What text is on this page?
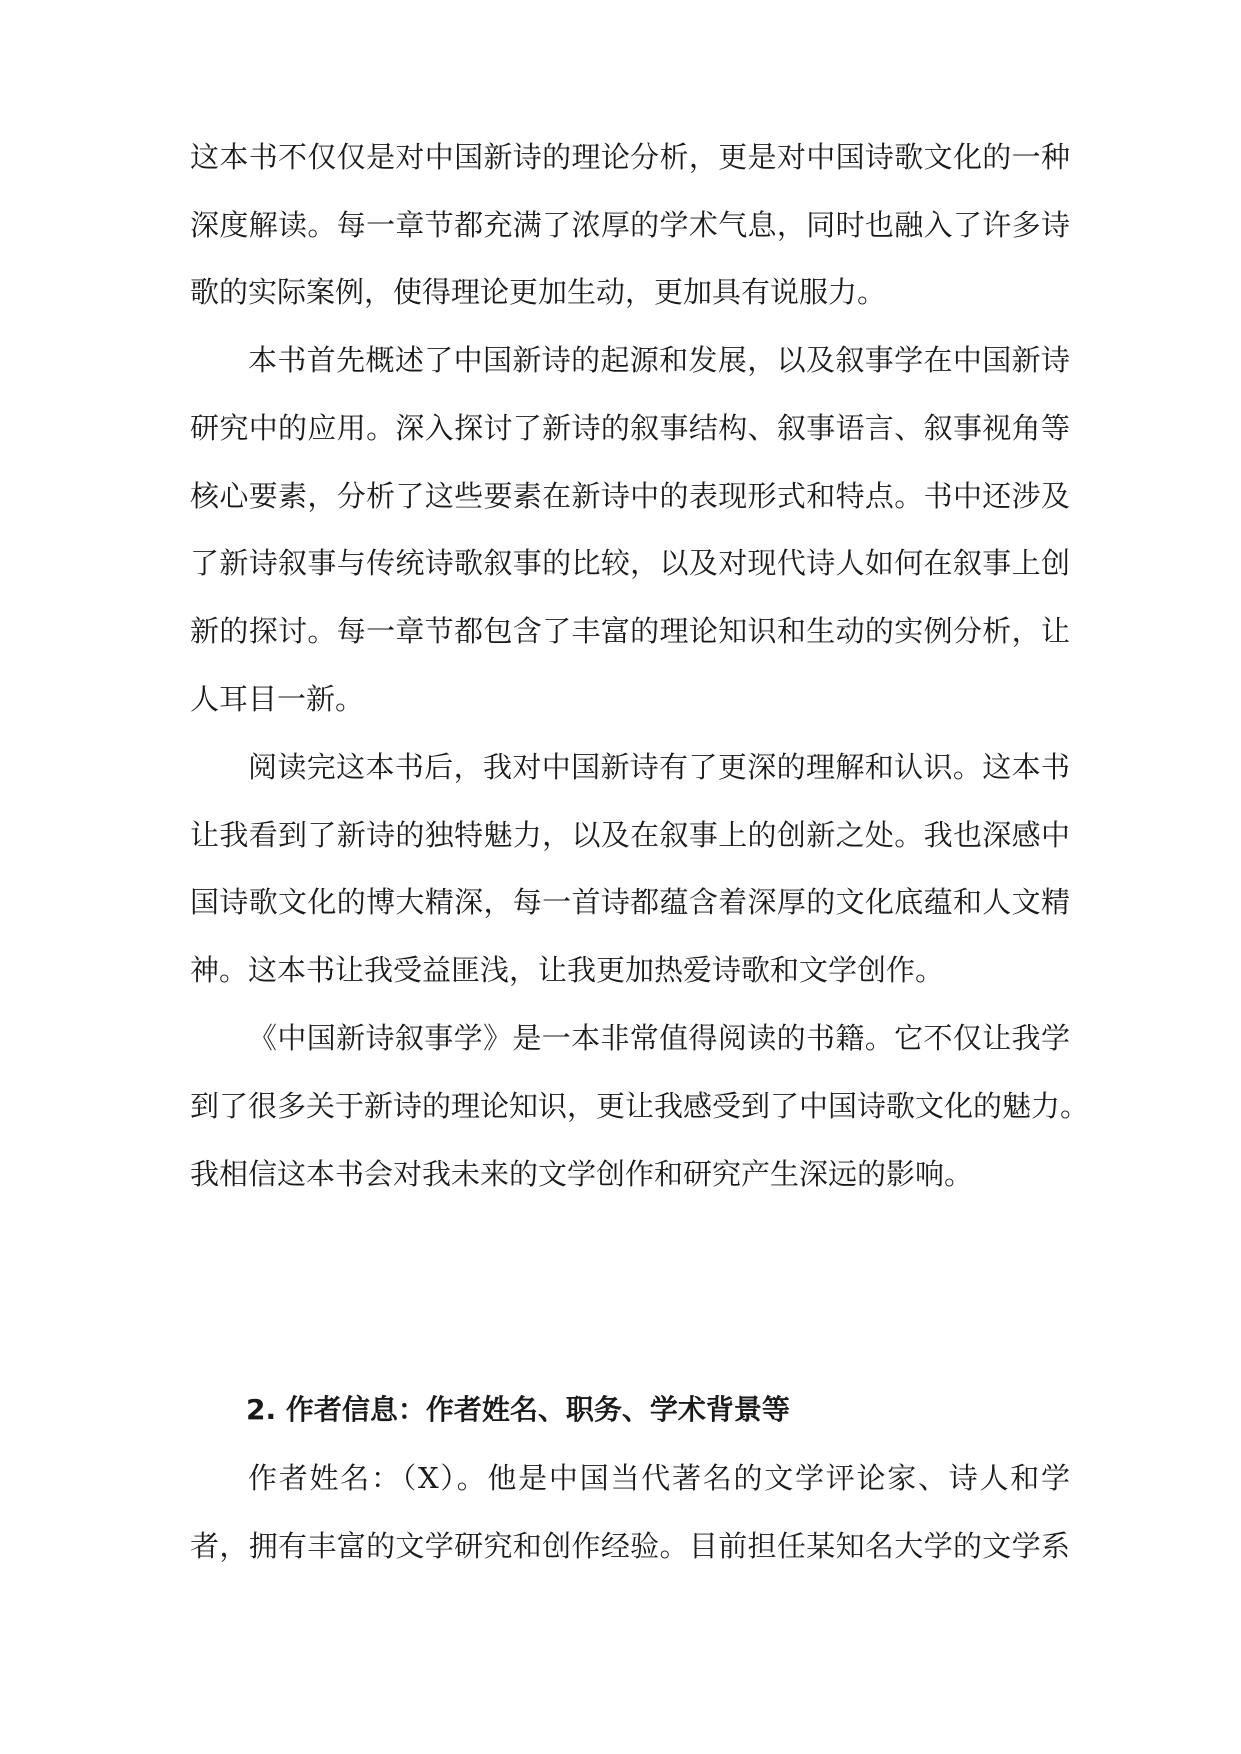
这本书不仅仅是对中国新诗的理论分析，更是对中国诗歌文化的一种
深度解读。每一章节都充满了浓厚的学术气息，同时也融入了许多诗
歌的实际案例，使得理论更加生动，更加具有说服力。
本书首先概述了中国新诗的起源和发展，以及叙事学在中国新诗
研究中的应用。深入探讨了新诗的叙事结构、叙事语言、叙事视角等
核心要素，分析了这些要素在新诗中的表现形式和特点。书中还涉及
了新诗叙事与传统诗歌叙事的比较，以及对现代诗人如何在叙事上创
新的探讨。每一章节都包含了丰富的理论知识和生动的实例分析，让
人耳目一新。
阅读完这本书后，我对中国新诗有了更深的理解和认识。这本书
让我看到了新诗的独特魅力，以及在叙事上的创新之处。我也深感中
国诗歌文化的博大精深，每一首诗都蕴含着深厚的文化底蕴和人文精
神。这本书让我受益匪浅，让我更加热爱诗歌和文学创作。
《中国新诗叙事学》是一本非常值得阅读的书籍。它不仅让我学
到了很多关于新诗的理论知识，更让我感受到了中国诗歌文化的魅力。
我相信这本书会对我未来的文学创作和研究产生深远的影响。
2. 作者信息：作者姓名、职务、学术背景等
作者姓名：（X）。他是中国当代著名的文学评论家、诗人和学
者，拥有丰富的文学研究和创作经验。目前担任某知名大学的文学系
